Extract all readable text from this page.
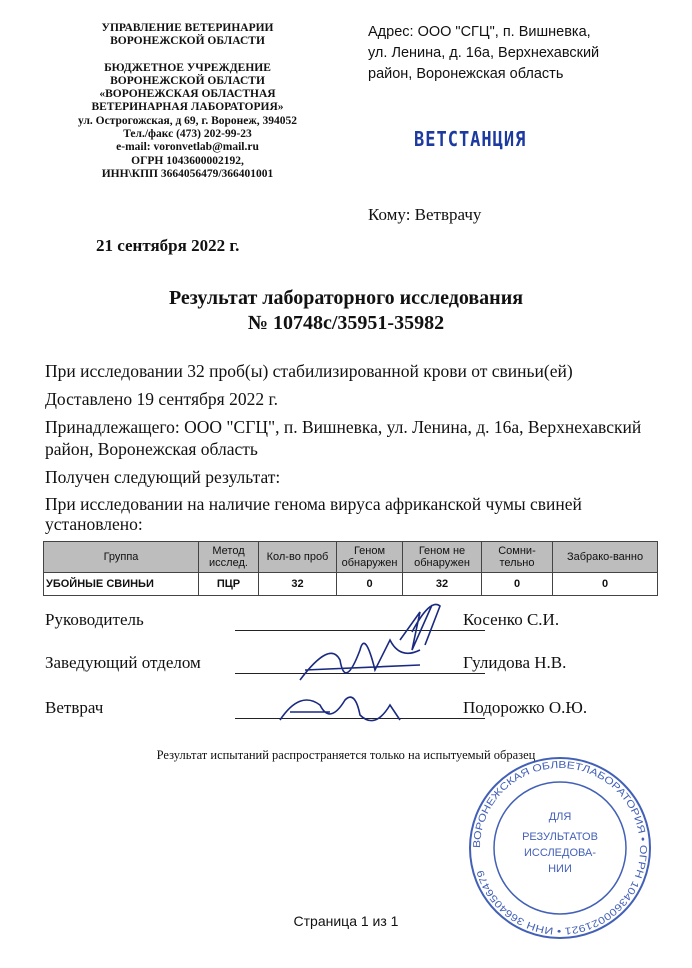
УПРАВЛЕНИЕ ВЕТЕРИНАРИИ
ВОРОНЕЖСКОЙ ОБЛАСТИ
БЮДЖЕТНОЕ УЧРЕЖДЕНИЕ
ВОРОНЕЖСКОЙ ОБЛАСТИ
«ВОРОНЕЖСКАЯ ОБЛАСТНАЯ
ВЕТЕРИНАРНАЯ ЛАБОРАТОРИЯ»
ул. Острогожская, д 69, г. Воронеж, 394052
Тел./факс (473) 202-99-23
e-mail: voronvetlab@mail.ru
ОГРН 1043600002192,
ИНН\КПП 3664056479/366401001
Адрес: ООО "СГЦ", п. Вишневка,
ул. Ленина, д. 16а, Верхнехавский
район, Воронежская область
ВЕТСТАНЦИЯ
Кому: Ветврачу
21 сентября 2022 г.
Результат лабораторного исследования
№ 10748с/35951-35982

При исследовании 32 проб(ы) стабилизированной крови от свиньи(ей)

Доставлено 19 сентября 2022 г.

Принадлежащего: ООО "СГЦ", п. Вишневка, ул. Ленина, д. 16а, Верхнехавский район, Воронежская область

Получен следующий результат:

При исследовании на наличие генома вируса африканской чумы свиней установлено:

Группа	Метод исслед.	Кол-во проб	Геном обнаружен	Геном не обнаружен	Сомни-тельно	Забрако-ванно
УБОЙНЫЕ СВИНЬИ	ПЦР	32	0	32	0	0
Руководитель	Косенко С.И.
Заведующий отделом	Гулидова Н.В.
Ветврач	Подорожко О.Ю.
ВОРОНЕЖСКАЯ ОБЛВЕТЛАБОРАТОРИЯ • ОГРН 1043600021921 • ИНН 3664056479
ДЛЯ
РЕЗУЛЬТАТОВ
ИССЛЕДОВА-
НИИ
Результат испытаний распространяется только на испытуемый образец
Страница 1 из 1
